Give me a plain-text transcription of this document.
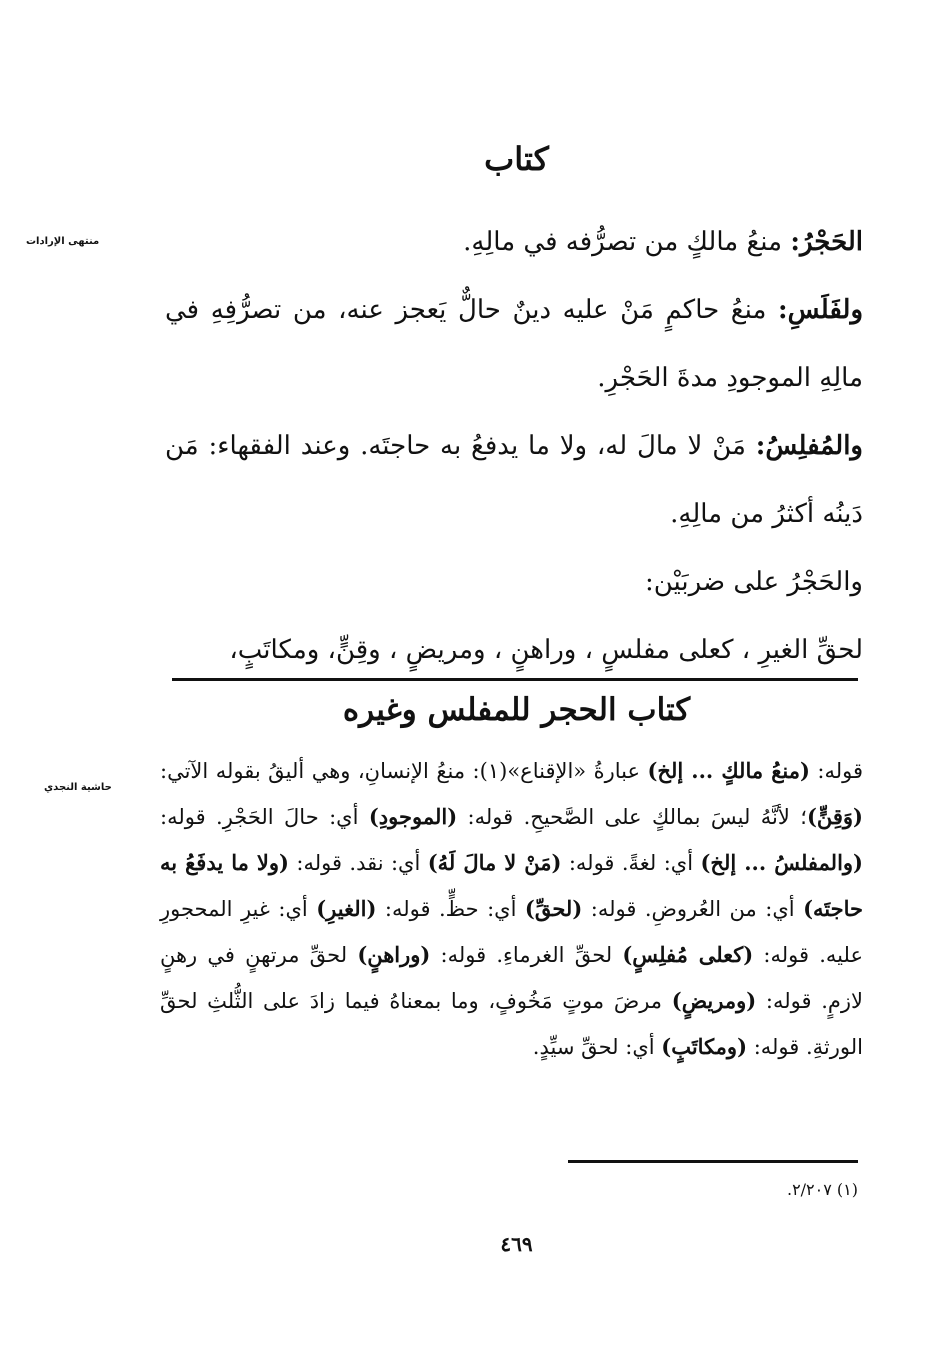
منتهى الإرادات
حاشية النجدي
كتاب

الحَجْرُ: منعُ مالكٍ من تصرُّفه في مالِهِ.

ولفَلَسِ: منعُ حاكمٍ مَنْ عليه دينٌ حالٌّ يَعجز عنه، من تصرُّفِهِ في مالِهِ الموجودِ مدةَ الحَجْرِ.

والمُفلِسُ: مَنْ لا مالَ له، ولا ما يدفعُ به حاجتَه. وعند الفقهاء: مَن دَينُه أكثرُ من مالِهِ.

والحَجْرُ على ضربَيْن:

لحقِّ الغيرِ ، كعلى مفلسٍ ، وراهنٍ ، ومريضٍ ، وقِنٍّ، ومكاتَبٍ،

كتاب الحجر للمفلس وغيره

قوله: (منعُ مالكٍ ... إلخ) عبارةُ «الإقناع»(١): منعُ الإنسانِ، وهي أليقُ بقوله الآتي: (وَقِنٍّ)؛ لأنَّهُ ليسَ بمالكٍ على الصَّحيحِ. قوله: (الموجودِ) أي: حالَ الحَجْرِ. قوله: (والمفلسُ ... إلخ) أي: لغةً. قوله: (مَنْ لا مالَ لَهُ) أي: نقد. قوله: (ولا ما يدفَعُ به حاجتَه) أي: من العُروضِ. قوله: (لحقِّ) أي: حظٍّ. قوله: (الغيرِ) أي: غيرِ المحجورِ عليه. قوله: (كعلى مُفلِسٍ) لحقِّ الغرماءِ. قوله: (وراهنٍ) لحقِّ مرتهنٍ في رهنٍ لازمٍ. قوله: (ومريضٍ) مرضَ موتٍ مَخُوفٍ، وما بمعناهُ فيما زادَ على الثُّلثِ لحقِّ الورثةِ. قوله: (ومكاتَبٍ) أي: لحقِّ سيِّدٍ.

(١) ٢/٢٠٧.

٤٦٩
